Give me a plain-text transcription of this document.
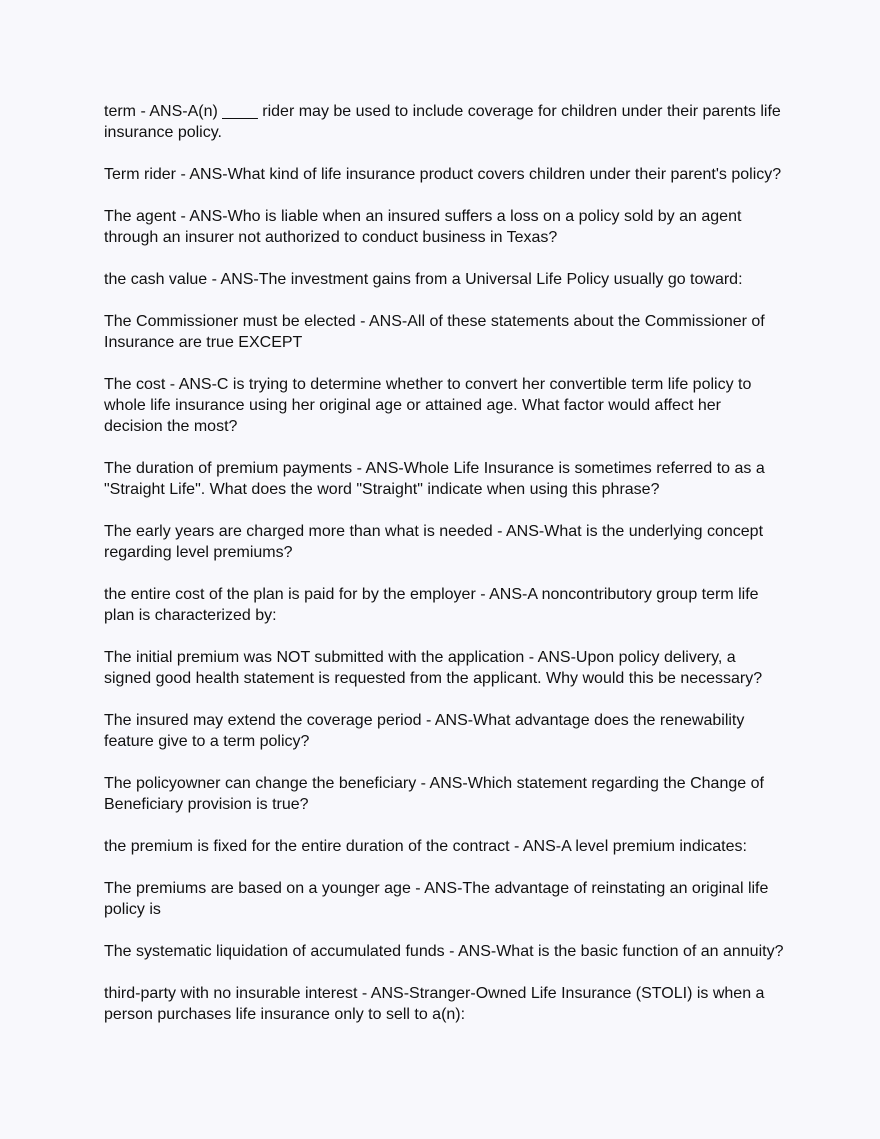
term - ANS-A(n) ____ rider may be used to include coverage for children under their parents life insurance policy.

Term rider - ANS-What kind of life insurance product covers children under their parent's policy?

The agent - ANS-Who is liable when an insured suffers a loss on a policy sold by an agent through an insurer not authorized to conduct business in Texas?

the cash value - ANS-The investment gains from a Universal Life Policy usually go toward:

The Commissioner must be elected - ANS-All of these statements about the Commissioner of Insurance are true EXCEPT

The cost - ANS-C is trying to determine whether to convert her convertible term life policy to whole life insurance using her original age or attained age. What factor would affect her decision the most?

The duration of premium payments - ANS-Whole Life Insurance is sometimes referred to as a "Straight Life". What does the word "Straight" indicate when using this phrase?

The early years are charged more than what is needed - ANS-What is the underlying concept regarding level premiums?

the entire cost of the plan is paid for by the employer - ANS-A noncontributory group term life plan is characterized by:

The initial premium was NOT submitted with the application - ANS-Upon policy delivery, a signed good health statement is requested from the applicant. Why would this be necessary?

The insured may extend the coverage period - ANS-What advantage does the renewability feature give to a term policy?

The policyowner can change the beneficiary - ANS-Which statement regarding the Change of Beneficiary provision is true?

the premium is fixed for the entire duration of the contract - ANS-A level premium indicates:

The premiums are based on a younger age - ANS-The advantage of reinstating an original life policy is

The systematic liquidation of accumulated funds - ANS-What is the basic function of an annuity?

third-party with no insurable interest - ANS-Stranger-Owned Life Insurance (STOLI) is when a person purchases life insurance only to sell to a(n):
